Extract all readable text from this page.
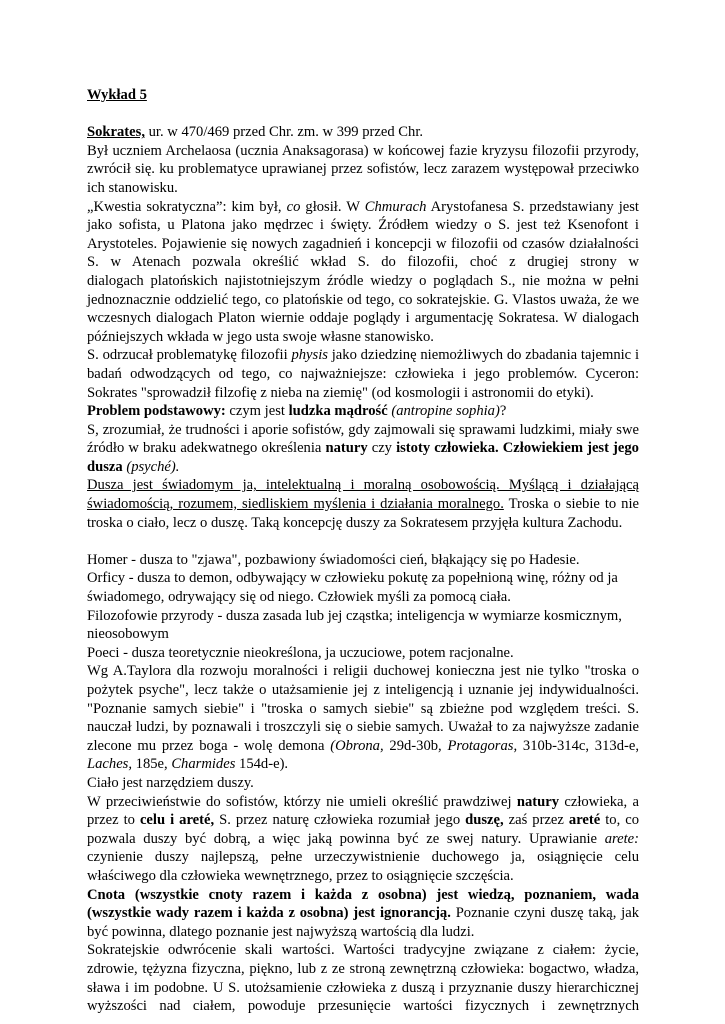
Wykład 5

Sokrates, ur. w 470/469 przed Chr. zm. w 399 przed Chr.
Był uczniem Archelaosa (ucznia Anaksagorasa) w końcowej fazie kryzysu filozofii przyrody,
zwrócił się. ku problematyce uprawianej przez sofistów, lecz zarazem występował przeciwko
ich stanowisku.
„Kwestia sokratyczna”: kim był, co głosił. W Chmurach Arystofanesa S. przedstawiany jest
jako sofista, u Platona jako mędrzec i święty. Źródłem wiedzy o S. jest też Ksenofont i
Arystoteles. Pojawienie się nowych zagadnień i koncepcji w filozofii od czasów działalności
S. w Atenach pozwala określić wkład S. do filozofii, choć z drugiej strony w
dialogach platońskich najistotniejszym źródle wiedzy o poglądach S., nie można w pełni
jednoznacznie oddzielić tego, co platońskie od tego, co sokratejskie. G. Vlastos uważa, że we
wczesnych dialogach Platon wiernie oddaje poglądy i argumentację Sokratesa. W dialogach
późniejszych wkłada w jego usta swoje własne stanowisko.
S. odrzucał problematykę filozofii physis jako dziedzinę niemożliwych do zbadania tajemnic i
badań odwodzących od tego, co najważniejsze: człowieka i jego problemów. Cyceron:
Sokrates "sprowadził filzofię z nieba na ziemię" (od kosmologii i astronomii do etyki).
Problem podstawowy: czym jest ludzka mądrość (antropine sophia)?
S, zrozumiał, że trudności i aporie sofistów, gdy zajmowali się sprawami ludzkimi, miały swe
źródło w braku adekwatnego określenia natury czy istoty człowieka. Człowiekiem jest jego
dusza (psyché).
Dusza jest świadomym ja, intelektualną i moralną osobowością. Myślącą i działającą
świadomością, rozumem, siedliskiem myślenia i działania moralnego. Troska o siebie to nie
troska o ciało, lecz o duszę. Taką koncepcję duszy za Sokratesem przyjęła kultura Zachodu.
Homer - dusza to "zjawa", pozbawiony świadomości cień, błąkający się po Hadesie.
Orficy - dusza to demon, odbywający w człowieku pokutę za popełnioną winę, różny od ja
świadomego, odrywający się od niego. Człowiek myśli za pomocą ciała.
Filozofowie przyrody - dusza zasada lub jej cząstka; inteligencja w wymiarze kosmicznym,
nieosobowym
Poeci - dusza teoretycznie nieokreślona, ja uczuciowe, potem racjonalne.
Wg A.Taylora dla rozwoju moralności i religii duchowej konieczna jest nie tylko "troska o
pożytek psyche", lecz także o utażsamienie jej z inteligencją i uznanie jej indywidualności.
"Poznanie samych siebie" i "troska o samych siebie" są zbieżne pod względem treści. S.
nauczał ludzi, by poznawali i troszczyli się o siebie samych. Uważał to za najwyższe zadanie
zlecone mu przez boga - wolę demona (Obrona, 29d-30b, Protagoras, 310b-314c, 313d-e,
Laches, 185e, Charmides 154d-e).
Ciało jest narzędziem duszy.
W przeciwieństwie do sofistów, którzy nie umieli określić prawdziwej natury człowieka, a
przez to celu i areté, S. przez naturę człowieka rozumiał jego duszę, zaś przez areté to, co
pozwala duszy być dobrą, a więc jaką powinna być ze swej natury. Uprawianie arete:
czynienie duszy najlepszą, pełne urzeczywistnienie duchowego ja, osiągnięcie celu
właściwego dla człowieka wewnętrznego, przez to osiągnięcie szczęścia.
Cnota (wszystkie cnoty razem i każda z osobna) jest wiedzą, poznaniem, wada
(wszystkie wady razem i każda z osobna) jest ignorancją. Poznanie czyni duszę taką, jak
być powinna, dlatego poznanie jest najwyższą wartością dla ludzi.
Sokratejskie odwrócenie skali wartości. Wartości tradycyjne związane z ciałem: życie,
zdrowie, tężyzna fizyczna, piękno, lub z ze stroną zewnętrzną człowieka: bogactwo, władza,
sława i im podobne. U S. utożsamienie człowieka z duszą i przyznanie duszy hierarchicznej
wyższości nad ciałem, powoduje przesunięcie wartości fizycznych i zewnętrznych
